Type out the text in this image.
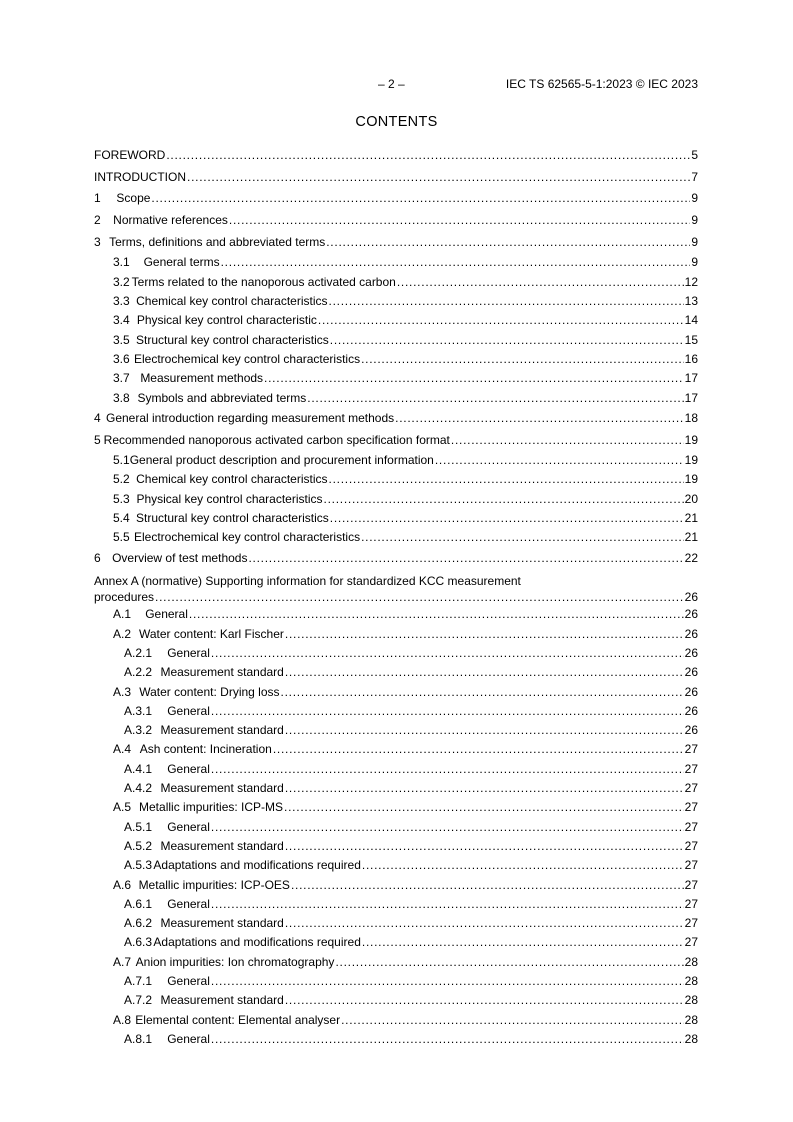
– 2 –	IEC TS 62565-5-1:2023 © IEC 2023
CONTENTS
FOREWORD . . .	5
INTRODUCTION . . .	7
1	Scope . . .	9
2	Normative references . . .	9
3 Terms, definitions and abbreviated terms . . .	9
3.1	General terms . . .	9
3.2 Terms related to the nanoporous activated carbon . . .	12
3.3 Chemical key control characteristics . . .	13
3.4 Physical key control characteristic . . .	14
3.5 Structural key control characteristics . . .	15
3.6 Electrochemical key control characteristics . . .	16
3.7 Measurement methods . . .	17
3.8 Symbols and abbreviated terms . . .	17
4 General introduction regarding measurement methods . . .	18
5 Recommended nanoporous activated carbon specification format . . .	19
5.1 General product description and procurement information . . .	19
5.2 Chemical key control characteristics . . .	19
5.3 Physical key control characteristics . . .	20
5.4 Structural key control characteristics . . .	21
5.5 Electrochemical key control characteristics . . .	21
6 Overview of test methods . . .	22
Annex A (normative) Supporting information for standardized KCC measurement
procedures . . .	26
A.1	General . . .	26
A.2 Water content: Karl Fischer . . .	26
A.2.1	General . . .	26
A.2.2 Measurement standard . . .	26
A.3 Water content: Drying loss . . .	26
A.3.1	General . . .	26
A.3.2 Measurement standard . . .	26
A.4 Ash content: Incineration . . .	27
A.4.1	General . . .	27
A.4.2 Measurement standard . . .	27
A.5 Metallic impurities: ICP-MS . . .	27
A.5.1	General . . .	27
A.5.2 Measurement standard . . .	27
A.5.3 Adaptations and modifications required . . .	27
A.6 Metallic impurities: ICP-OES . . .	27
A.6.1	General . . .	27
A.6.2 Measurement standard . . .	27
A.6.3 Adaptations and modifications required . . .	27
A.7 Anion impurities: Ion chromatography . . .	28
A.7.1	General . . .	28
A.7.2 Measurement standard . . .	28
A.8 Elemental content: Elemental analyser . . .	28
A.8.1	General . . .	28
